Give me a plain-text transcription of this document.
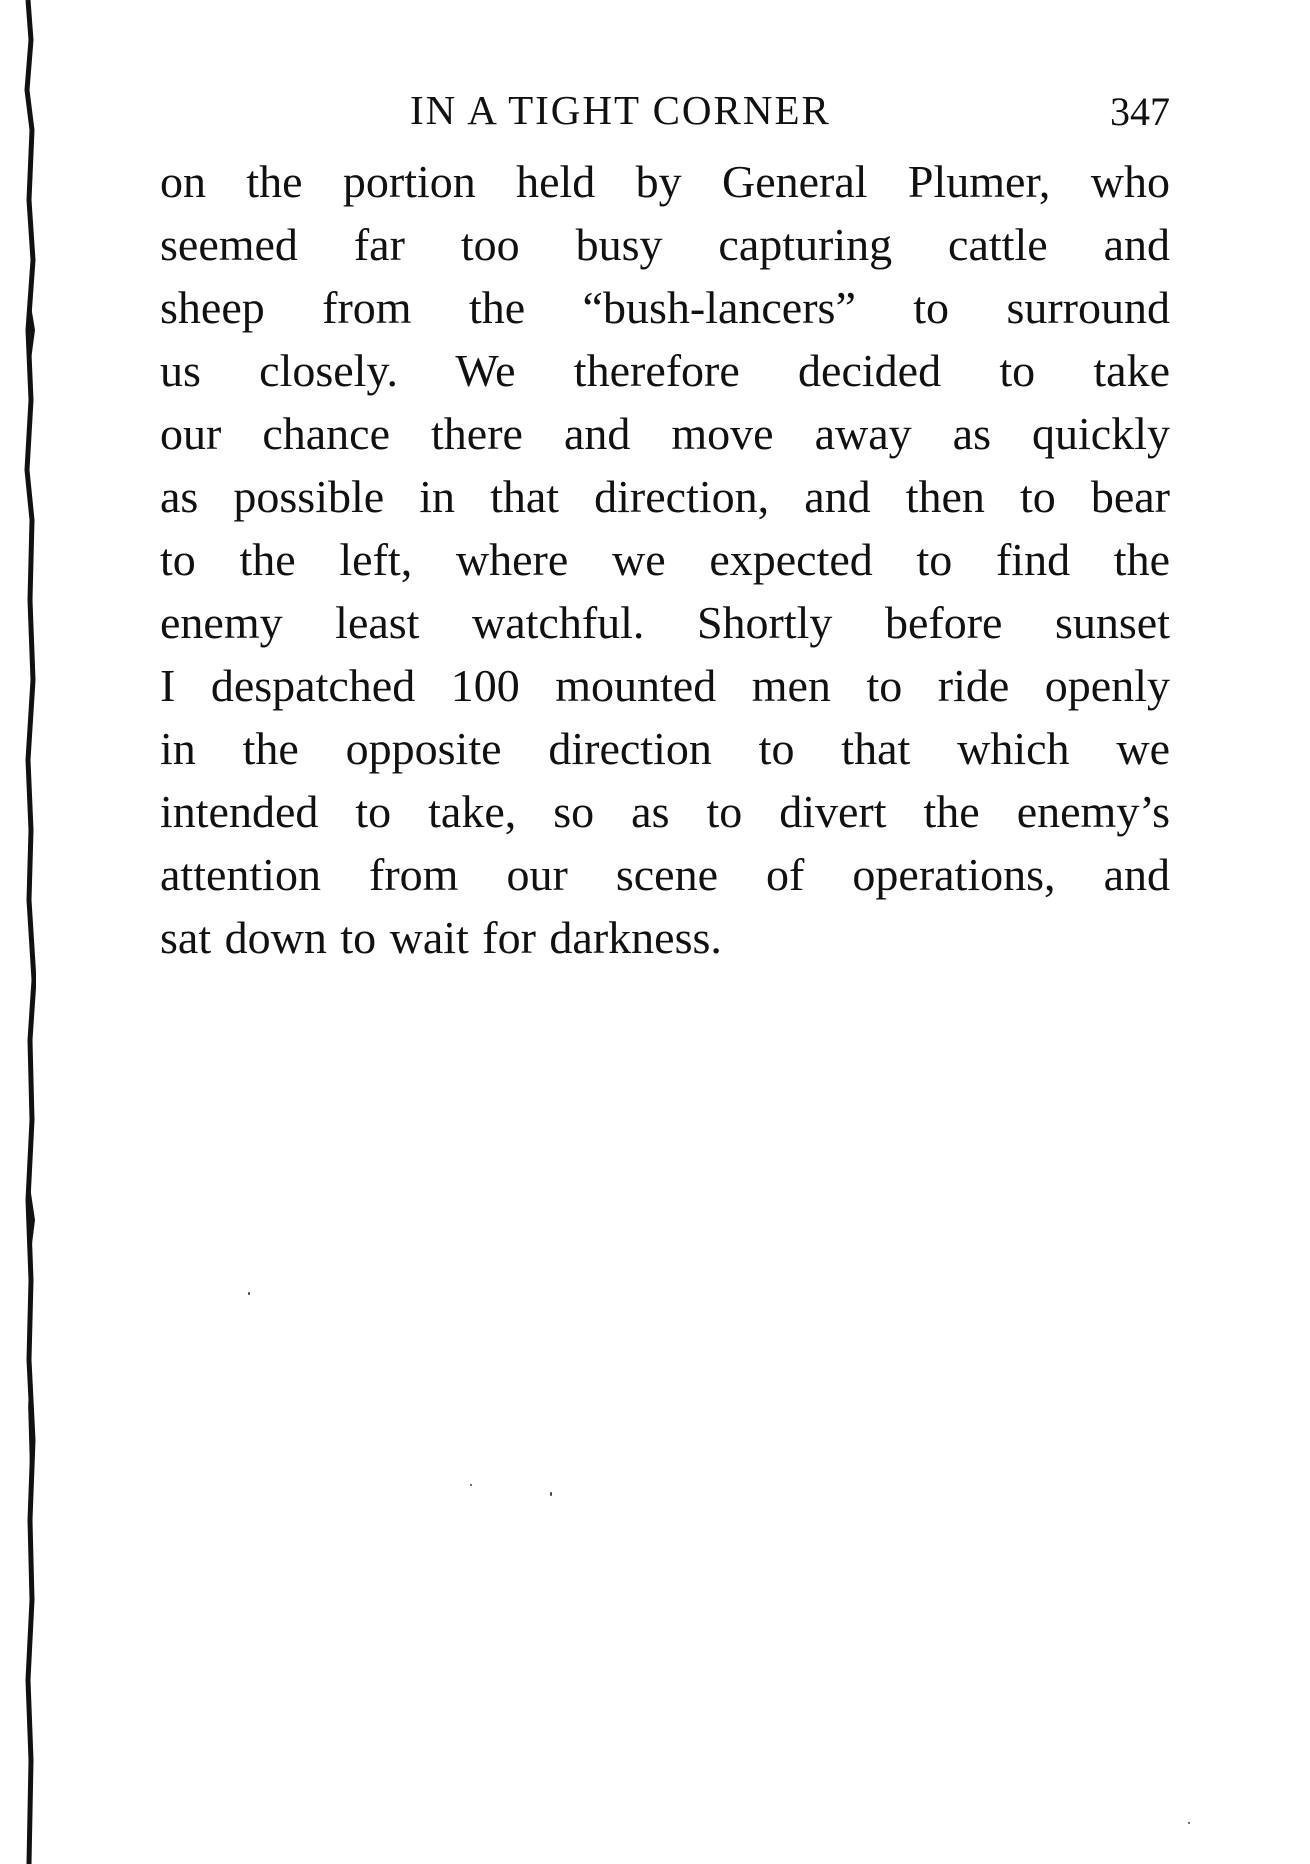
IN A TIGHT CORNER	347
on the portion held by General Plumer, who
seemed far too busy capturing cattle and
sheep from the “bush-lancers” to surround
us closely. We therefore decided to take
our chance there and move away as quickly
as possible in that direction, and then to bear
to the left, where we expected to find the
enemy least watchful. Shortly before sunset
I despatched 100 mounted men to ride openly
in the opposite direction to that which we
intended to take, so as to divert the enemy’s
attention from our scene of operations, and
sat down to wait for darkness.
